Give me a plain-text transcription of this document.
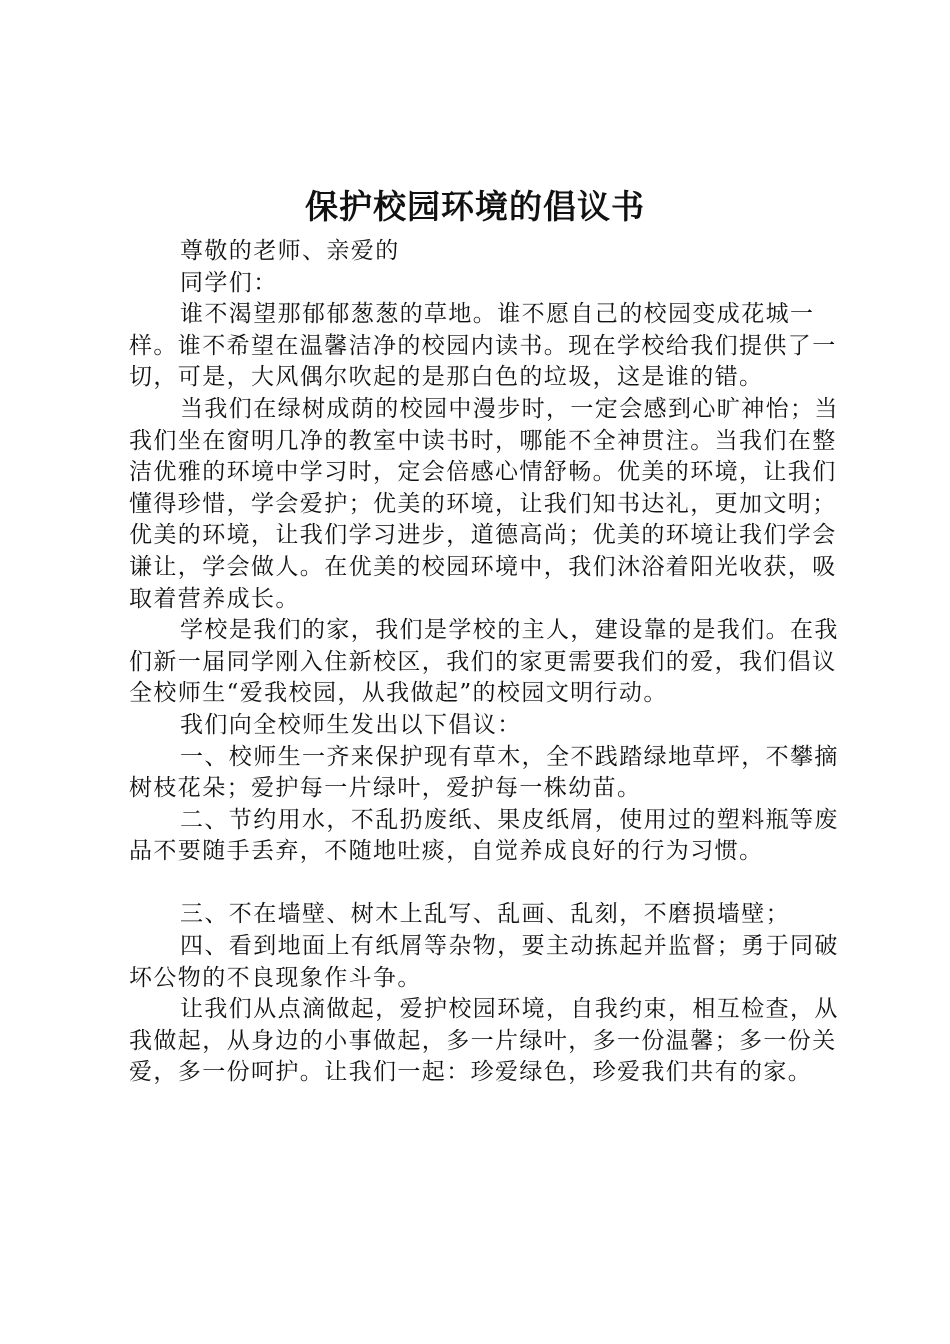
保护校园环境的倡议书

尊敬的老师、亲爱的

同学们：

谁不渴望那郁郁葱葱的草地。谁不愿自己的校园变成花城一样。谁不希望在温馨洁净的校园内读书。现在学校给我们提供了一切，可是，大风偶尔吹起的是那白色的垃圾，这是谁的错。

当我们在绿树成荫的校园中漫步时，一定会感到心旷神怡；当我们坐在窗明几净的教室中读书时，哪能不全神贯注。当我们在整洁优雅的环境中学习时，定会倍感心情舒畅。优美的环境，让我们懂得珍惜，学会爱护；优美的环境，让我们知书达礼，更加文明；优美的环境，让我们学习进步，道德高尚；优美的环境让我们学会谦让，学会做人。在优美的校园环境中，我们沐浴着阳光收获，吸取着营养成长。

学校是我们的家，我们是学校的主人，建设靠的是我们。在我们新一届同学刚入住新校区，我们的家更需要我们的爱，我们倡议全校师生“爱我校园，从我做起”的校园文明行动。

我们向全校师生发出以下倡议：

一、校师生一齐来保护现有草木，全不践踏绿地草坪，不攀摘树枝花朵；爱护每一片绿叶，爱护每一株幼苗。

二、节约用水，不乱扔废纸、果皮纸屑，使用过的塑料瓶等废品不要随手丢弃，不随地吐痰，自觉养成良好的行为习惯。

三、不在墙壁、树木上乱写、乱画、乱刻，不磨损墙壁；

四、看到地面上有纸屑等杂物，要主动拣起并监督；勇于同破坏公物的不良现象作斗争。

让我们从点滴做起，爱护校园环境，自我约束，相互检查，从我做起，从身边的小事做起，多一片绿叶，多一份温馨；多一份关爱，多一份呵护。让我们一起：珍爱绿色，珍爱我们共有的家。
